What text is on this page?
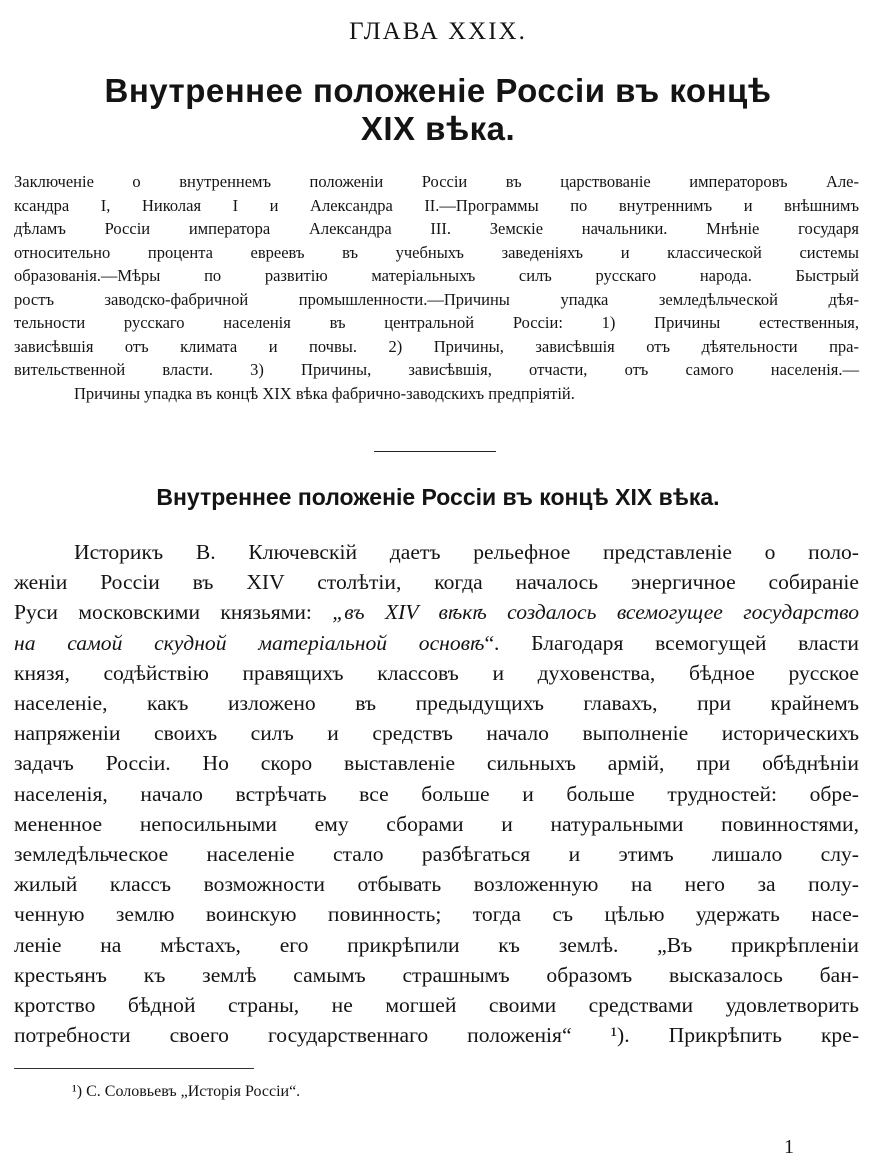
ГЛАВА XXIX.
Внутреннее положенiе Россiи въ концѣ
XIX вѣка.
Заключенiе о внутреннемъ положенiи Россiи въ царствованiе императоровъ Але-
ксандра I, Николая I и Александра II.—Программы по внутреннимъ и внѣшнимъ
дѣламъ Россiи императора Александра III. Земскiе начальники. Мнѣнiе государя
относительно процента евреевъ въ учебныхъ заведенiяхъ и классической системы
образованiя.—Мѣры по развитiю матерiальныхъ силъ русскаго народа. Быстрый
ростъ заводско-фабричной промышленности.—Причины упадка земледѣльческой дѣя-
тельности русскаго населенiя въ центральной Россiи: 1) Причины естественныя,
зависѣвшiя отъ климата и почвы. 2) Причины, зависѣвшiя отъ дѣятельности пра-
вительственной власти. 3) Причины, зависѣвшiя, отчасти, отъ самого населенiя.—
Причины упадка въ концѣ XIX вѣка фабрично-заводскихъ предпрiятiй.
Внутреннее положенiе Россiи въ концѣ XIX вѣка.
Историкъ В. Ключевскiй даетъ рельефное представленiе о поло-
женiи Россiи въ XIV столѣтiи, когда началось энергичное собиранiе
Руси московскими князьями: „въ XIV вѣкѣ создалось всемогущее государство
на самой скудной матерiальной основѣ“. Благодаря всемогущей власти
князя, содѣйствiю правящихъ классовъ и духовенства, бѣдное русское
населенiе, какъ изложено въ предыдущихъ главахъ, при крайнемъ
напряженiи своихъ силъ и средствъ начало выполненiе историческихъ
задачъ Россiи. Но скоро выставленiе сильныхъ армiй, при обѣднѣнiи
населенiя, начало встрѣчать все больше и больше трудностей: обре-
мененное непосильными ему сборами и натуральными повинностями,
земледѣльческое населенiе стало разбѣгаться и этимъ лишало слу-
жилый классъ возможности отбывать возложенную на него за полу-
ченную землю воинскую повинность; тогда съ цѣлью удержать насе-
ленiе на мѣстахъ, его прикрѣпили къ землѣ. „Въ прикрѣпленiи
крестьянъ къ землѣ самымъ страшнымъ образомъ высказалось бан-
кротство бѣдной страны, не могшей своими средствами удовлетворить
потребности своего государственнаго положенiя“ ¹). Прикрѣпить кре-
¹) С. Соловьевъ „Исторiя Россiи“.
1
